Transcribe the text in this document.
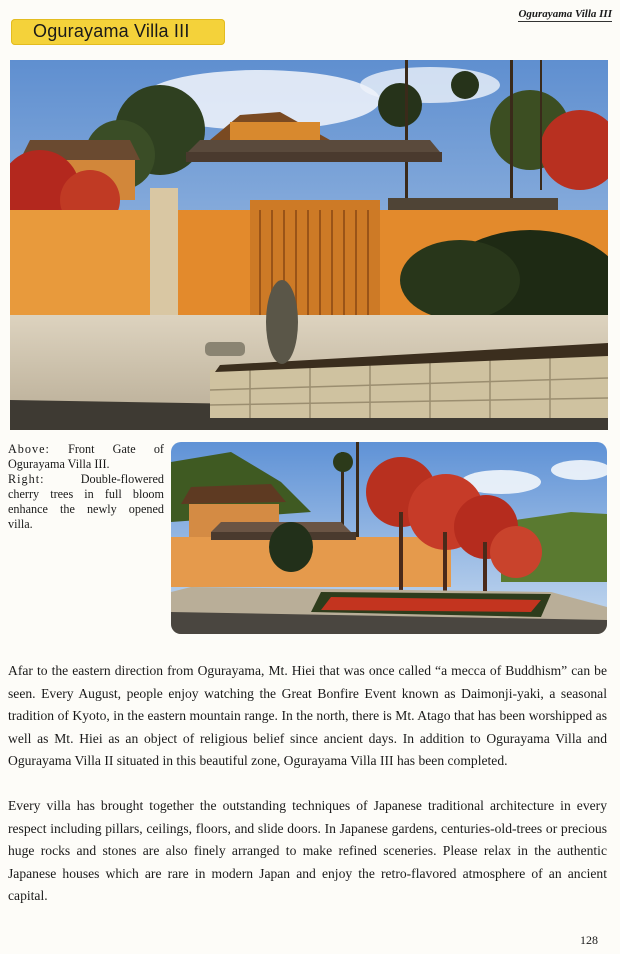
Ogurayama Villa III
Ogurayama Villa III

Above: Front Gate of Ogurayama Villa III.

Right: Double-flowered cherry trees in full bloom enhance the newly opened villa.

Afar to the eastern direction from Ogurayama, Mt. Hiei that was once called “a mecca of Buddhism” can be seen. Every August, people enjoy watching the Great Bonfire Event known as Daimonji-yaki, a seasonal tradition of Kyoto, in the eastern mountain range. In the north, there is Mt. Atago that has been worshipped as well as Mt. Hiei as an object of religious belief since ancient days. In addition to Ogurayama Villa and Ogurayama Villa II situated in this beautiful zone, Ogurayama Villa III has been completed.

Every villa has brought together the outstanding techniques of Japanese traditional architecture in every respect including pillars, ceilings, floors, and slide doors. In Japanese gardens, centuries-old-trees or precious huge rocks and stones are also finely arranged to make refined sceneries. Please relax in the authentic Japanese houses which are rare in modern Japan and enjoy the retro-flavored atmosphere of an ancient capital.

128
